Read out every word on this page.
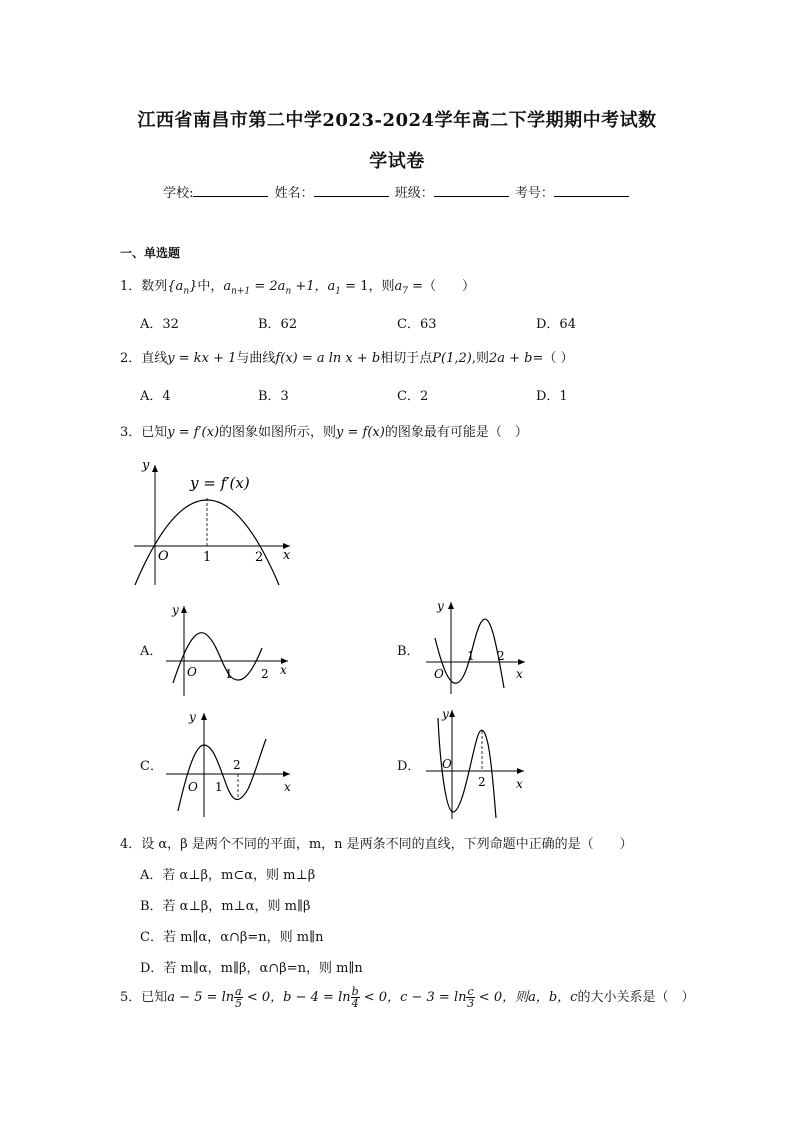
江西省南昌市第二中学2023-2024学年高二下学期期中考试数
学试卷
学校:	姓名：	班级：	考号：
一、单选题
1．数列$\{a_n\}$中，$a_{n+1} = 2a_n +1$，$a_1 = 1$，则$a_7$ =（　　）
A．32	B．62	C．63	D．64
2．直线y = kx + 1与曲线f(x) = a ln x + b相切于点P(1,2),则2a + b=（ ）
A．4	B．3	C．2	D．1
3．已知y = f′(x)的图象如图所示，则y = f(x)的图象最有可能是（　）
y
x
O	1	2
y = f′(x)
A．
y
x
O 1 2
B．
y
x
O
1 2
C．
y
x
O 1
2	D．
y
x
O
2
4．设 α，β 是两个不同的平面，m，n 是两条不同的直线，下列命题中正确的是（　　）
A．若 α⊥β，m⊂α，则 m⊥β
B．若 α⊥β，m⊥α，则 m∥β
C．若 m∥α，α∩β=n，则 m∥n
D．若 m∥α，m∥β，α∩β=n，则 m∥n
5．已知$a - 5 = \ln \frac{a}{5} < 0$，$b - 4 = \ln \frac{b}{4} < 0$，$c - 3 = \ln \frac{c}{3} < 0$，则a，b，c的大小关系是（　）
